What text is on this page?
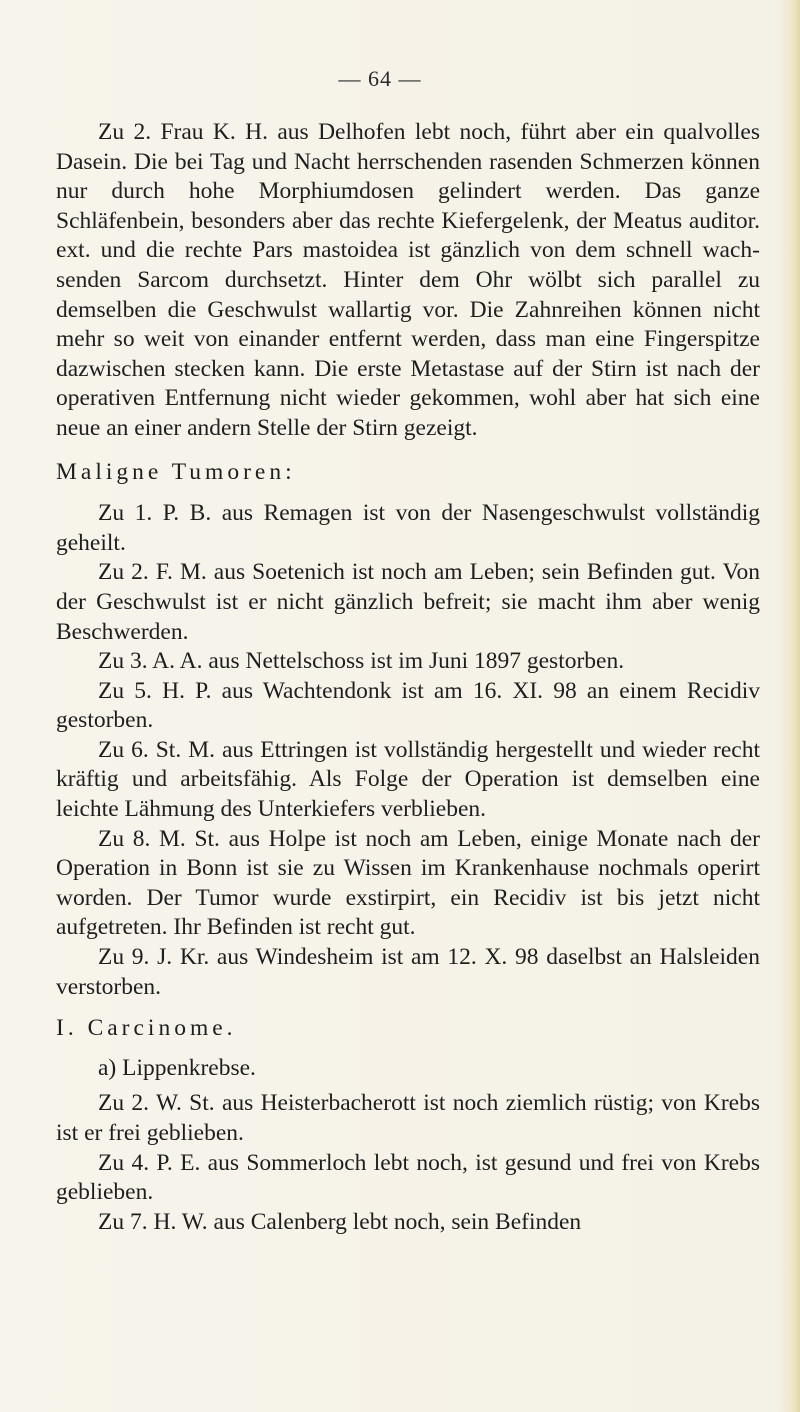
— 64 —

Zu 2. Frau K. H. aus Delhofen lebt noch, führt aber ein qualvolles Dasein. Die bei Tag und Nacht herrschenden rasenden Schmerzen können nur durch hohe Morphiumdosen gelindert werden. Das ganze Schläfenbein, besonders aber das rechte Kiefergelenk, der Meatus auditor. ext. und die rechte Pars mastoidea ist gänzlich von dem schnell wachsenden Sarcom durchsetzt. Hinter dem Ohr wölbt sich parallel zu demselben die Geschwulst wallartig vor. Die Zahnreihen können nicht mehr so weit von einander entfernt werden, dass man eine Fingerspitze dazwischen stecken kann. Die erste Metastase auf der Stirn ist nach der operativen Entfernung nicht wieder gekommen, wohl aber hat sich eine neue an einer andern Stelle der Stirn gezeigt.

Maligne Tumoren:

Zu 1. P. B. aus Remagen ist von der Nasengeschwulst vollständig geheilt.

Zu 2. F. M. aus Soetenich ist noch am Leben; sein Befinden gut. Von der Geschwulst ist er nicht gänzlich befreit; sie macht ihm aber wenig Beschwerden.

Zu 3. A. A. aus Nettelschoss ist im Juni 1897 gestorben.

Zu 5. H. P. aus Wachtendonk ist am 16. XI. 98 an einem Recidiv gestorben.

Zu 6. St. M. aus Ettringen ist vollständig hergestellt und wieder recht kräftig und arbeitsfähig. Als Folge der Operation ist demselben eine leichte Lähmung des Unterkiefers verblieben.

Zu 8. M. St. aus Holpe ist noch am Leben, einige Monate nach der Operation in Bonn ist sie zu Wissen im Krankenhause nochmals operirt worden. Der Tumor wurde exstirpirt, ein Recidiv ist bis jetzt nicht aufgetreten. Ihr Befinden ist recht gut.

Zu 9. J. Kr. aus Windesheim ist am 12. X. 98 daselbst an Halsleiden verstorben.

I. Carcinome.

a) Lippenkrebse.

Zu 2. W. St. aus Heisterbacherott ist noch ziemlich rüstig; von Krebs ist er frei geblieben.

Zu 4. P. E. aus Sommerloch lebt noch, ist gesund und frei von Krebs geblieben.

Zu 7. H. W. aus Calenberg lebt noch, sein Befinden
